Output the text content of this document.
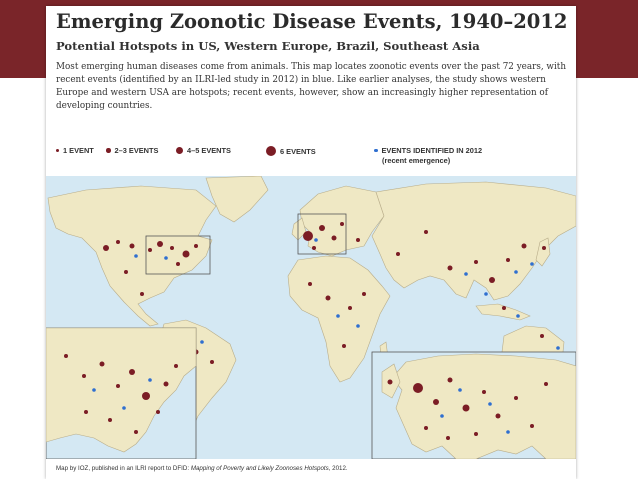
Emerging Zoonotic Disease Events, 1940–2012
Potential Hotspots in US, Western Europe, Brazil, Southeast Asia

Most emerging human diseases come from animals. This map locates zoonotic events over the past 72 years, with recent events (identified by an ILRI-led study in 2012) in blue. Like earlier analyses, the study shows western Europe and western USA are hotspots; recent events, however, show an increasingly higher representation of developing countries.

1 EVENT	2–3 EVENTS	4–5 EVENTS	6 EVENTS	EVENTS IDENTIFIED IN 2012
(recent emergence)
Map by IOZ, published in an ILRI report to DFID: Mapping of Poverty and Likely Zoonoses Hotspots, 2012.
